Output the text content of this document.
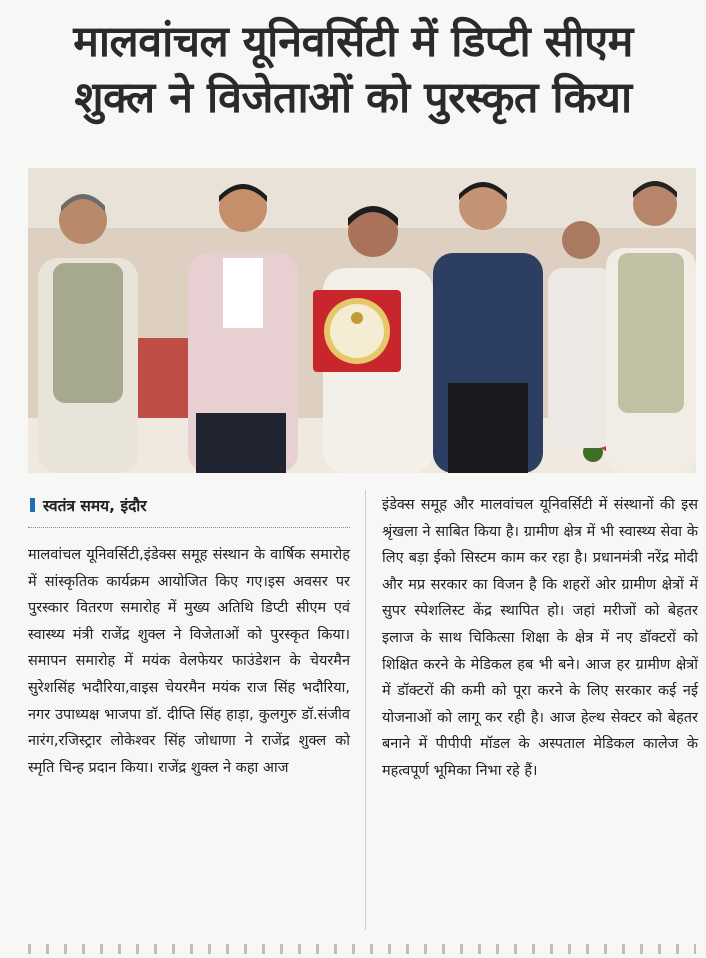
मालवांचल यूनिवर्सिटी में डिप्टी सीएम
शुक्ल ने विजेताओं को पुरस्कृत किया
स्वतंत्र समय, इंदौर
मालवांचल यूनिवर्सिटी,इंडेक्स समूह संस्थान के वार्षिक समारोह में सांस्कृतिक कार्यक्रम आयोजित किए गए।इस अवसर पर पुरस्कार वितरण समारोह में मुख्य अतिथि डिप्टी सीएम एवं स्वास्थ्य मंत्री राजेंद्र शुक्ल ने विजेताओं को पुरस्कृत किया।समापन समारोह में मयंक वेलफेयर फाउंडेशन के चेयरमैन सुरेशसिंह भदौरिया,वाइस चेयरमैन मयंक राज सिंह भदौरिया, नगर उपाध्यक्ष भाजपा डॉ. दीप्ति सिंह हाड़ा, कुलगुरु डॉ.संजीव नारंग,रजिस्ट्रार लोकेश्वर सिंह जोधाणा ने राजेंद्र शुक्ल को स्मृति चिन्ह प्रदान किया। राजेंद्र शुक्ल ने कहा आज
इंडेक्स समूह और मालवांचल यूनिवर्सिटी में संस्थानों की इस श्रृंखला ने साबित किया है। ग्रामीण क्षेत्र में भी स्वास्थ्य सेवा के लिए बड़ा ईको सिस्टम काम कर रहा है। प्रधानमंत्री नरेंद्र मोदी और मप्र सरकार का विजन है कि शहरों ओर ग्रामीण क्षेत्रों में सुपर स्पेशलिस्ट केंद्र स्थापित हो। जहां मरीजों को बेहतर इलाज के साथ चिकित्सा शिक्षा के क्षेत्र में नए डॉक्टरों को शिक्षित करने के मेडिकल हब भी बने। आज हर ग्रामीण क्षेत्रों में डॉक्टरों की कमी को पूरा करने के लिए सरकार कई नई योजनाओं को लागू कर रही है। आज हेल्थ सेक्टर को बेहतर बनाने में पीपीपी मॉडल के अस्पताल मेडिकल कालेज के महत्वपूर्ण भूमिका निभा रहे हैं।
